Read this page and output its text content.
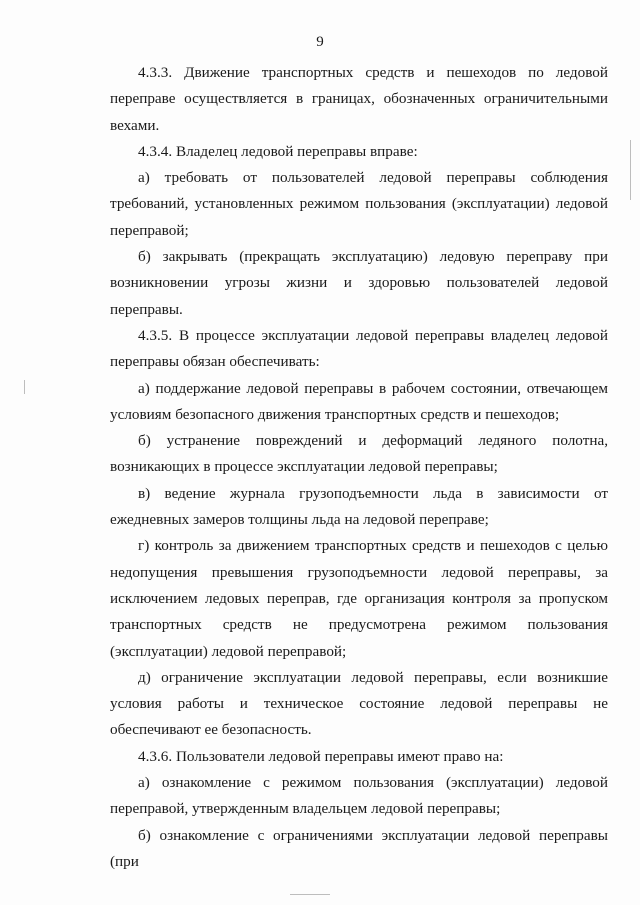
9

4.3.3. Движение транспортных средств и пешеходов по ледовой переправе осуществляется в границах, обозначенных ограничительными вехами.

4.3.4. Владелец ледовой переправы вправе:

а) требовать от пользователей ледовой переправы соблюдения требований, установленных режимом пользования (эксплуатации) ледовой переправой;

б) закрывать (прекращать эксплуатацию) ледовую переправу при возникновении угрозы жизни и здоровью пользователей ледовой переправы.

4.3.5. В процессе эксплуатации ледовой переправы владелец ледовой переправы обязан обеспечивать:

а) поддержание ледовой переправы в рабочем состоянии, отвечающем условиям безопасного движения транспортных средств и пешеходов;

б) устранение повреждений и деформаций ледяного полотна, возникающих в процессе эксплуатации ледовой переправы;

в) ведение журнала грузоподъемности льда в зависимости от ежедневных замеров толщины льда на ледовой переправе;

г) контроль за движением транспортных средств и пешеходов с целью недопущения превышения грузоподъемности ледовой переправы, за исключением ледовых переправ, где организация контроля за пропуском транспортных средств не предусмотрена режимом пользования (эксплуатации) ледовой переправой;

д) ограничение эксплуатации ледовой переправы, если возникшие условия работы и техническое состояние ледовой переправы не обеспечивают ее безопасность.

4.3.6. Пользователи ледовой переправы имеют право на:

а) ознакомление с режимом пользования (эксплуатации) ледовой переправой, утвержденным владельцем ледовой переправы;

б) ознакомление с ограничениями эксплуатации ледовой переправы (при
